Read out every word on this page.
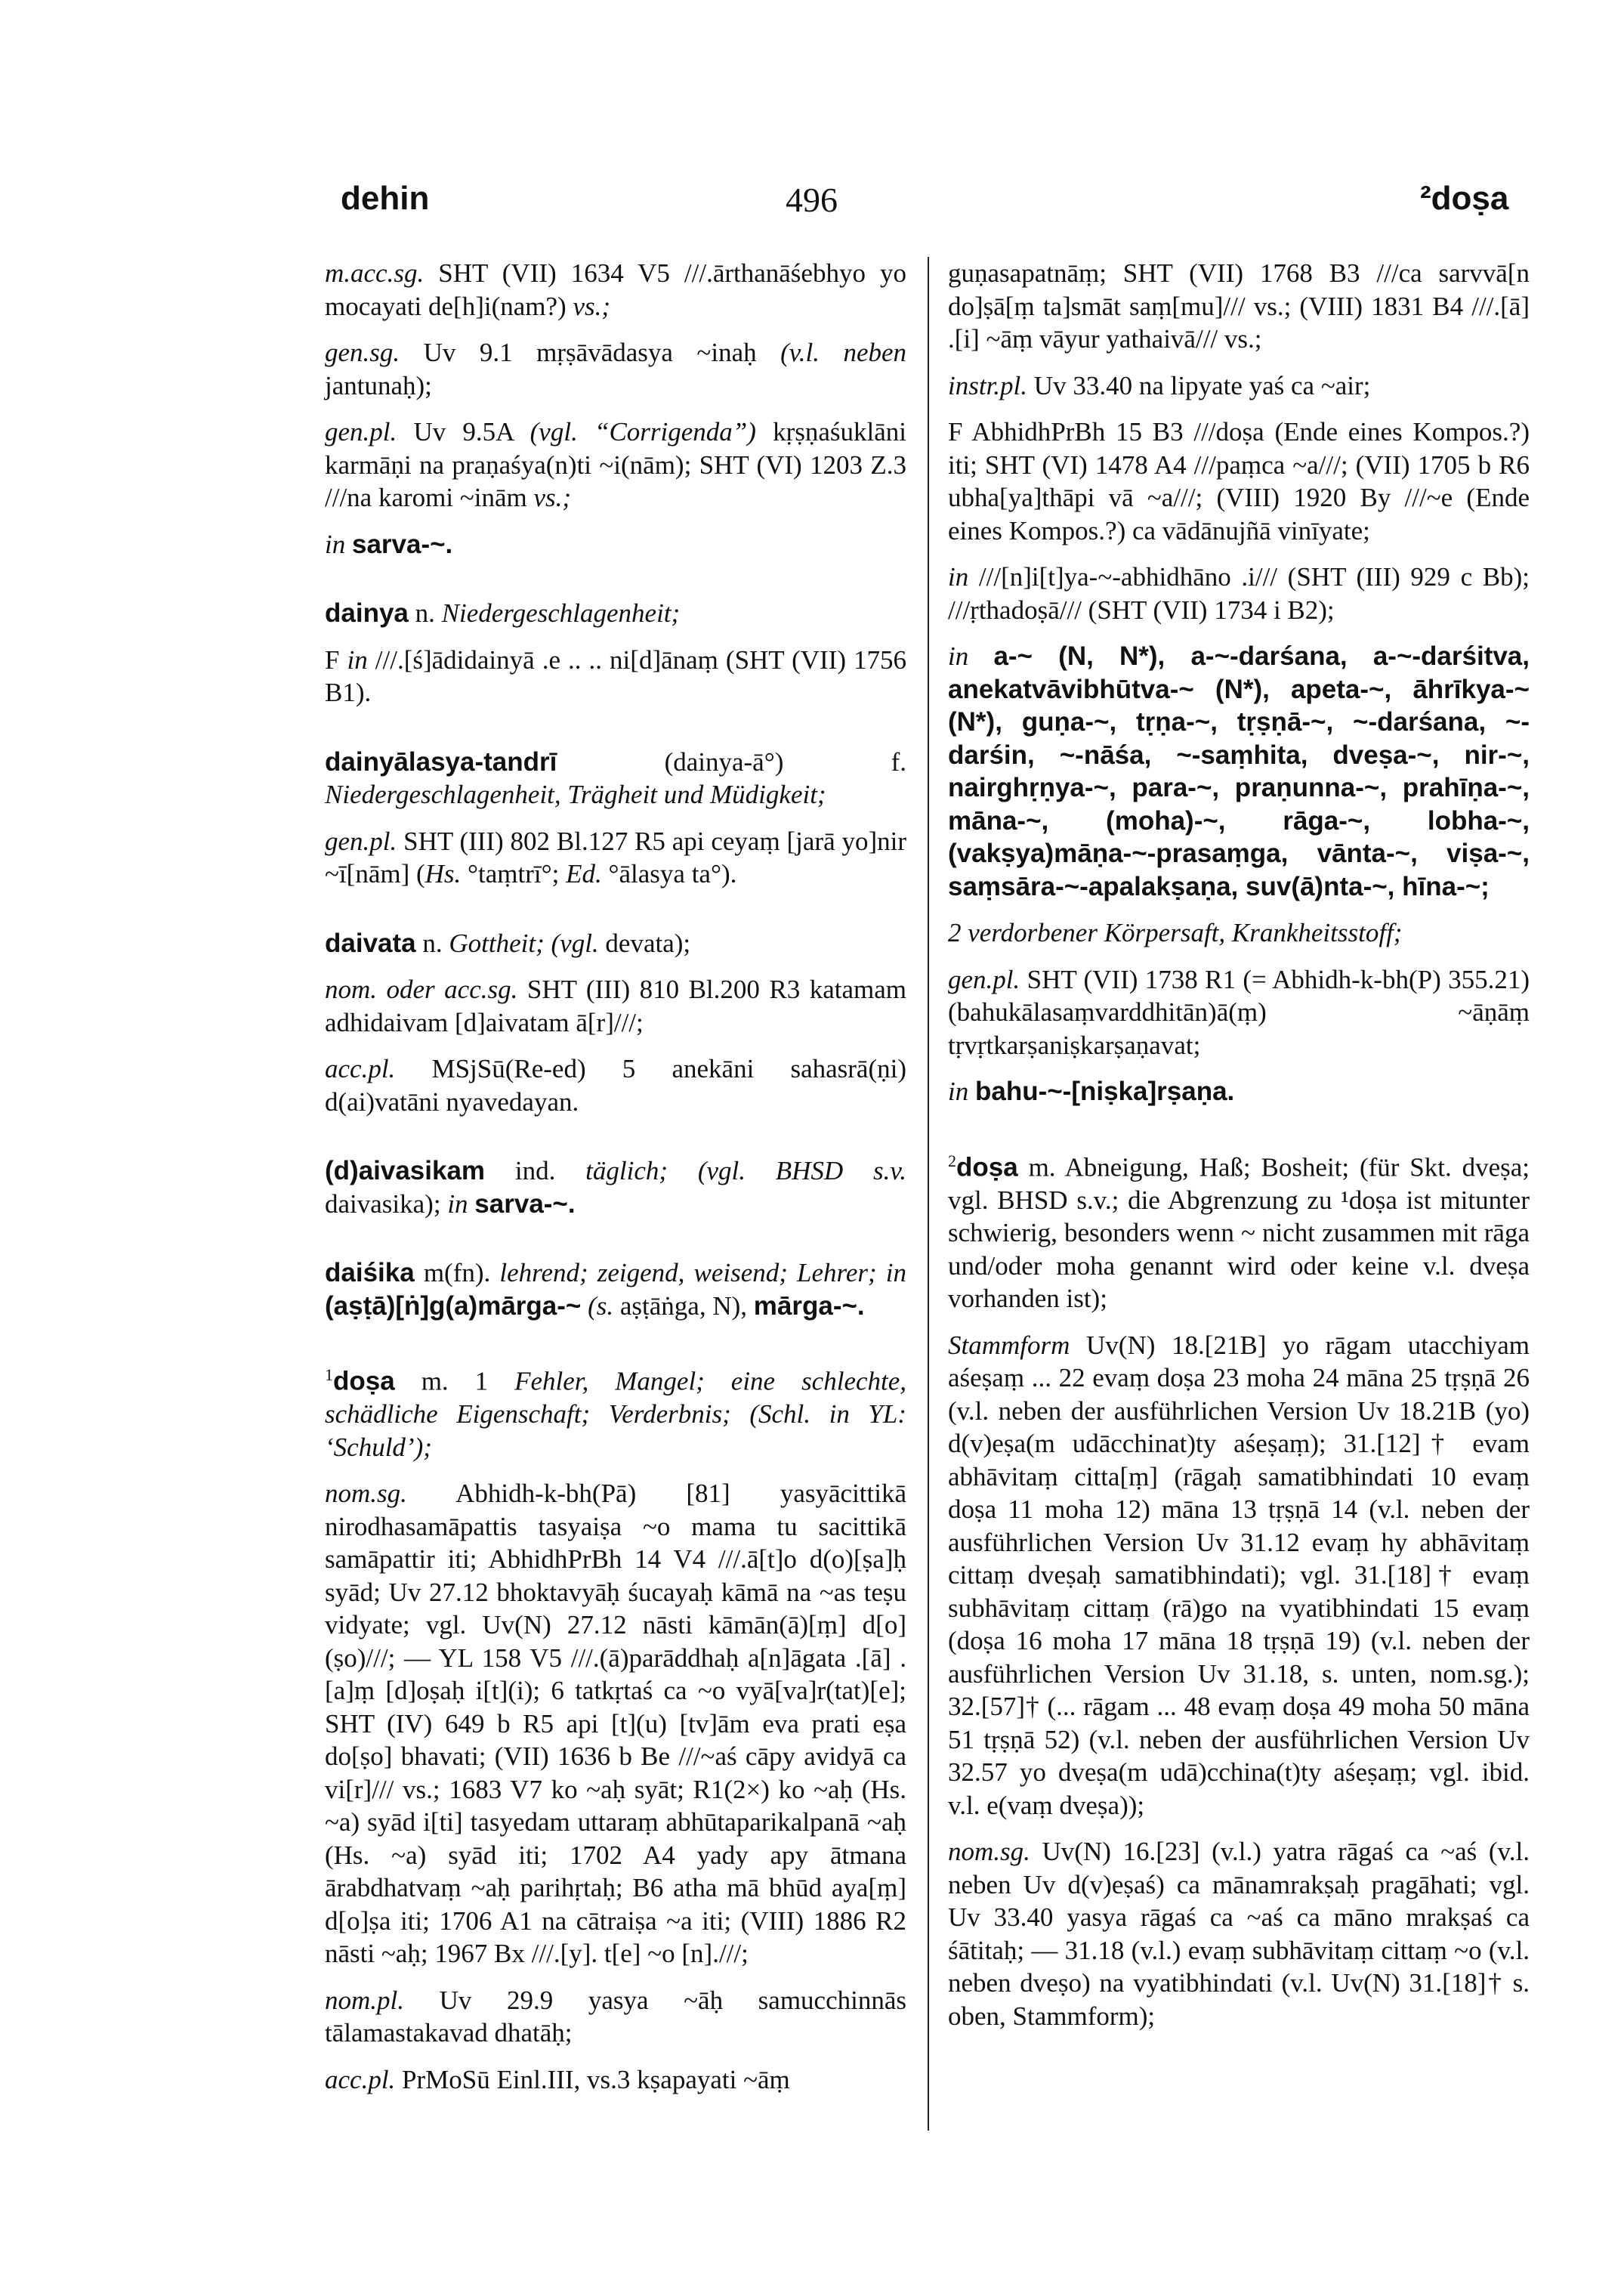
dehin	496	²doṣa
m.acc.sg. SHT (VII) 1634 V5 ///.ārthanāśebhyo yo mocayati de[h]i(nam?) vs.;
gen.sg. Uv 9.1 mṛṣāvādasya ~inaḥ (v.l. neben jantunaḥ);
gen.pl. Uv 9.5A (vgl. “Corrigenda”) kṛṣṇaśuklāni karmāṇi na praṇaśya(n)ti ~i(nām); SHT (VI) 1203 Z.3 ///na karomi ~inām vs.;
in sarva-~.
dainya n. Niedergeschlagenheit;
F in ///.[ś]ādidainyā .e .. .. ni[d]ānaṃ (SHT (VII) 1756 B1).
dainyālasya-tandrī	(dainya-ā°) f. Niedergeschlagenheit, Trägheit und Müdigkeit;
gen.pl. SHT (III) 802 Bl.127 R5 api ceyaṃ [jarā yo]nir ~ī[nām] (Hs. °taṃtrī°; Ed. °ālasya ta°).
daivata n. Gottheit; (vgl. devata);
nom. oder acc.sg. SHT (III) 810 Bl.200 R3 katamam adhidaivam [d]aivatam ā[r]///;
acc.pl. MSjSū(Re-ed) 5 anekāni sahasrā(ṇi) d(ai)vatāni nyavedayan.
(d)aivasikam ind. täglich; (vgl. BHSD s.v. daivasika); in sarva-~.
daiśika m(fn). lehrend; zeigend, weisend; Lehrer; in (aṣṭā)[ṅ]g(a)mārga-~ (s. aṣṭāṅga, N), mārga-~.
$^1$doṣa m. 1 Fehler, Mangel; eine schlechte, schädliche Eigenschaft; Verderbnis; (Schl. in YL: ‘Schuld’);
nom.sg. Abhidh-k-bh(Pā) [81] yasyācittikā nirodhasamāpattis tasyaiṣa ~o mama tu sacittikā samāpattir iti; AbhidhPrBh 14 V4 ///.ā[t]o d(o)[ṣa]ḥ syād; Uv 27.12 bhoktavyāḥ śucayaḥ kāmā na ~as teṣu vidyate; vgl. Uv(N) 27.12 nāsti kāmān(ā)[ṃ] d[o](ṣo)///; — YL 158 V5 ///.(ā)parāddhaḥ a[n]āgata .[ā] .[a]ṃ [d]oṣaḥ i[t](i); 6 tatkṛtaś ca ~o vyā[va]r(tat)[e]; SHT (IV) 649 b R5 api [t](u) [tv]ām eva prati eṣa do[ṣo] bhavati; (VII) 1636 b Be ///~aś cāpy avidyā ca vi[r]/// vs.; 1683 V7 ko ~aḥ syāt; R1(2×) ko ~aḥ (Hs. ~a) syād i[ti] tasyedam uttaraṃ abhūtaparikalpanā ~aḥ (Hs. ~a) syād iti; 1702 A4 yady apy ātmana ārabdhatvaṃ ~aḥ parihṛtaḥ; B6 atha mā bhūd aya[ṃ] d[o]ṣa iti; 1706 A1 na cātraiṣa ~a iti; (VIII) 1886 R2 nāsti ~aḥ; 1967 Bx ///.[y]. t[e] ~o [n].///;
nom.pl. Uv 29.9 yasya ~āḥ samucchinnās tālamastakavad dhatāḥ;
acc.pl. PrMoSū Einl.III, vs.3 kṣapayati ~āṃ
guṇasapatnāṃ; SHT (VII) 1768 B3 ///ca sarvvā[n do]ṣā[ṃ ta]smāt saṃ[mu]/// vs.; (VIII) 1831 B4 ///.[ā] .[i] ~āṃ vāyur yathaivā/// vs.;
instr.pl. Uv 33.40 na lipyate yaś ca ~air;
F AbhidhPrBh 15 B3 ///doṣa (Ende eines Kompos.?) iti; SHT (VI) 1478 A4 ///paṃca ~a///; (VII) 1705 b R6 ubha[ya]thāpi vā ~a///; (VIII) 1920 By ///~e (Ende eines Kompos.?) ca vādānujñā vinīyate;
in ///[n]i[t]ya-~-abhidhāno .i/// (SHT (III) 929 c Bb); ///ṛthadoṣā/// (SHT (VII) 1734 i B2);
in a-~ (N, N*), a-~-darśana, a-~-darśitva, anekatvāvibhūtva-~ (N*), apeta-~, āhrīkya-~ (N*), guṇa-~, tṛṇa-~, tṛṣṇā-~, ~-darśana, ~-darśin, ~-nāśa, ~-saṃhita, dveṣa-~, nir-~, nairghṛṇya-~, para-~, praṇunna-~, prahīṇa-~, māna-~, (moha)-~, rāga-~, lobha-~, (vakṣya)māṇa-~-prasaṃga, vānta-~, viṣa-~, saṃsāra-~-apalakṣaṇa, suv(ā)nta-~, hīna-~;
2 verdorbener Körpersaft, Krankheitsstoff;
gen.pl. SHT (VII) 1738 R1 (= Abhidh-k-bh(P) 355.21) (bahukālasaṃvarddhitān)ā(ṃ) ~āṇāṃ tṛvṛtkarṣaniṣkarṣaṇavat;
in bahu-~-[niṣka]rṣaṇa.
$^2$doṣa m. Abneigung, Haß; Bosheit; (für Skt. dveṣa; vgl. BHSD s.v.; die Abgrenzung zu ¹doṣa ist mitunter schwierig, besonders wenn ~ nicht zusammen mit rāga und/oder moha genannt wird oder keine v.l. dveṣa vorhanden ist);
Stammform Uv(N) 18.[21B] yo rāgam utacchiyam aśeṣaṃ ... 22 evaṃ doṣa 23 moha 24 māna 25 tṛṣṇā 26 (v.l. neben der ausführlichen Version Uv 18.21B (yo) d(v)eṣa(m udācchinat)ty aśeṣaṃ); 31.[12]† evam abhāvitaṃ citta[ṃ] (rāgaḥ samatibhindati 10 evaṃ doṣa 11 moha 12) māna 13 tṛṣṇā 14 (v.l. neben der ausführlichen Version Uv 31.12 evaṃ hy abhāvitaṃ cittaṃ dveṣaḥ samatibhindati); vgl. 31.[18]† evaṃ subhāvitaṃ cittaṃ (rā)go na vyatibhindati 15 evaṃ (doṣa 16 moha 17 māna 18 tṛṣṇā 19) (v.l. neben der ausführlichen Version Uv 31.18, s. unten, nom.sg.); 32.[57]† (... rāgam ... 48 evaṃ doṣa 49 moha 50 māna 51 tṛṣṇā 52) (v.l. neben der ausführlichen Version Uv 32.57 yo dveṣa(m udā)cchina(t)ty aśeṣaṃ; vgl. ibid. v.l. e(vaṃ dveṣa));
nom.sg. Uv(N) 16.[23] (v.l.) yatra rāgaś ca ~aś (v.l. neben Uv d(v)eṣaś) ca mānamrakṣaḥ pragāhati; vgl. Uv 33.40 yasya rāgaś ca ~aś ca māno mrakṣaś ca śātitaḥ; — 31.18 (v.l.) evaṃ subhāvitaṃ cittaṃ ~o (v.l. neben dveṣo) na vyatibhindati (v.l. Uv(N) 31.[18]† s. oben, Stammform);
